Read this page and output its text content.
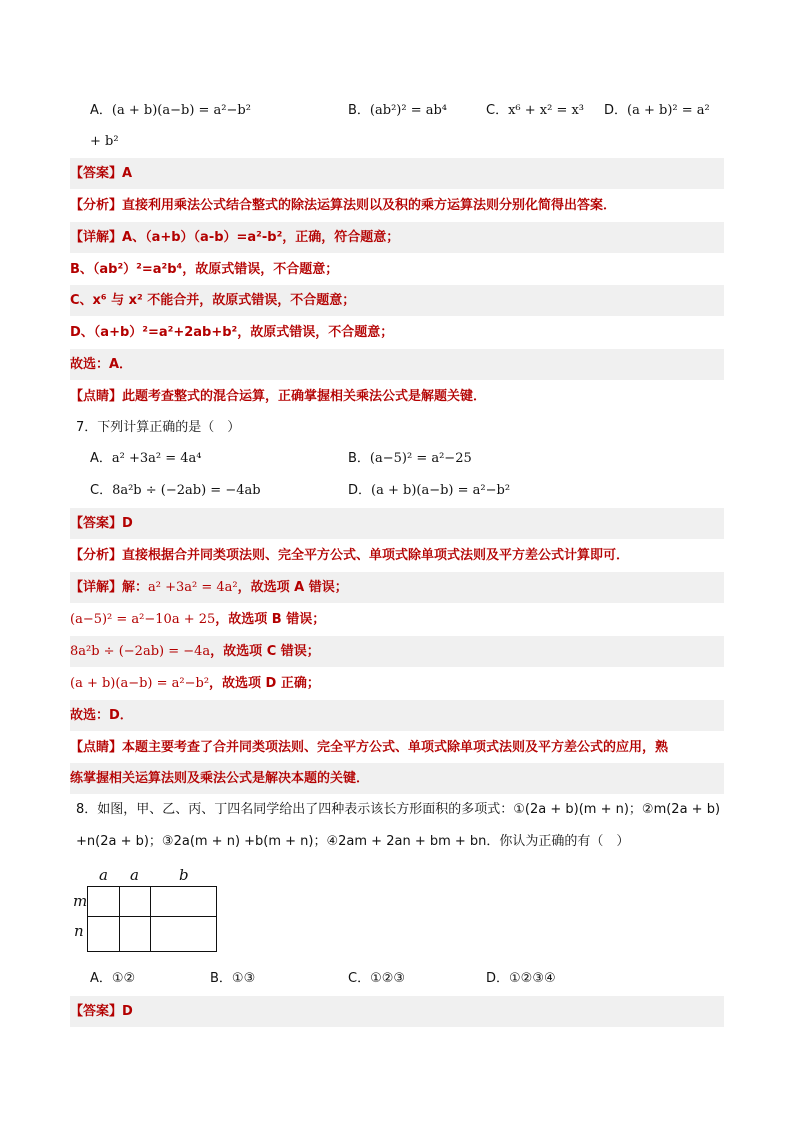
A．(a + b)(a−b) = a²−b²	B．(ab²)² = ab⁴	C．x⁶ + x² = x³ D．(a + b)² = a²
+ b²
【答案】A
【分析】直接利用乘法公式结合整式的除法运算法则以及积的乘方运算法则分别化简得出答案．
【详解】A、（a+b）（a-b）=a²-b²，正确，符合题意；
B、（ab²）²=a²b⁴，故原式错误，不合题意；
C、x⁶ 与 x² 不能合并，故原式错误，不合题意；
D、（a+b）²=a²+2ab+b²，故原式错误，不合题意；
故选：A．
【点睛】此题考查整式的混合运算，正确掌握相关乘法公式是解题关键．
7．下列计算正确的是（　）
A．a² +3a² = 4a⁴	B．(a−5)² = a²−25
C．8a²b ÷ (−2ab) = −4ab	D．(a + b)(a−b) = a²−b²
【答案】D
【分析】直接根据合并同类项法则、完全平方公式、单项式除单项式法则及平方差公式计算即可．
【详解】解：a² +3a² = 4a²，故选项 A 错误；
(a−5)² = a²−10a + 25，故选项 B 错误；
8a²b ÷ (−2ab) = −4a，故选项 C 错误；
(a + b)(a−b) = a²−b²，故选项 D 正确；
故选：D．
【点睛】本题主要考查了合并同类项法则、完全平方公式、单项式除单项式法则及平方差公式的应用，熟
练掌握相关运算法则及乘法公式是解决本题的关键．
8．如图，甲、乙、丙、丁四名同学给出了四种表示该长方形面积的多项式：①(2a + b)(m + n)；②m(2a + b)
+n(2a + b)；③2a(m + n) +b(m + n)；④2am + 2an + bm + bn．你认为正确的有（　）
a a	b
m
n
A．①②	B．①③	C．①②③	D．①②③④
【答案】D
